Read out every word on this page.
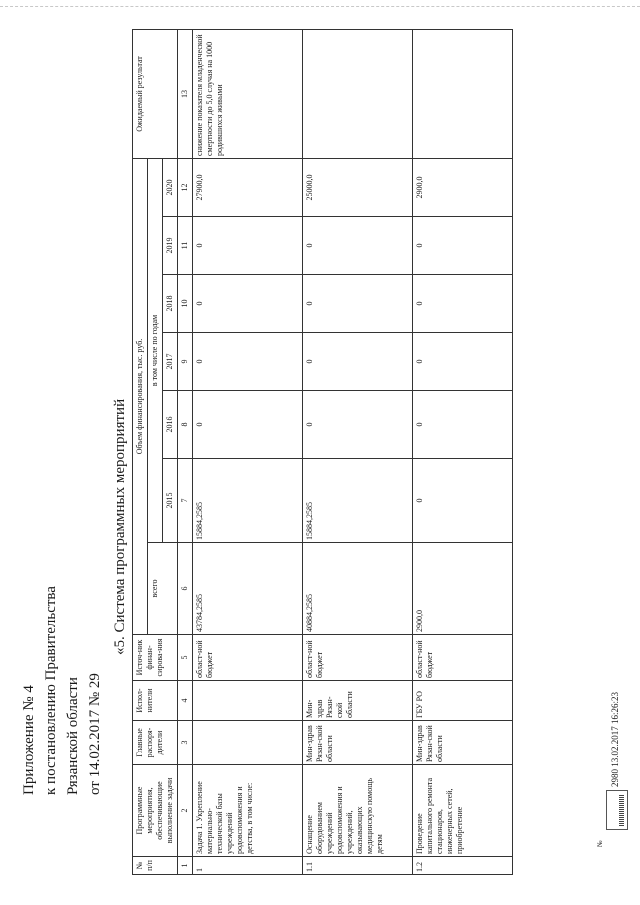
Приложение № 4 к постановлению Правительства Рязанской области от 14.02.2017 № 29
«5. Система программных мероприятий
№ п/п	Программные мероприятия, обеспечивающие выполнение задачи	Главные распоря-дители	Испол-нители	Источ-ник финан-сирова-ния	Объем финансирования, тыс. руб.							Ожидаемый результат
					всего	в том числе по годам						
						2015	2016	2017	2018	2019	2020	
1	2	3	4	5	6	7	8	9	10	11	12	13
1	Задача 1. Укрепление материально-технической базы учреждений родовспоможения и детства, в том числе:			област-ной бюджет	43784,2585	15884,2585	0	0	0	0	27900,0	снижение показателя младенческой смертности до 5,0 случая на 1000 родившихся живыми
1.1	Оснащение оборудованием учреждений родовспоможения и учреждений, оказывающих медицинскую помощь детям	Мин-здрав Рязан-ской области	Мин-здрав Рязан-ской области	област-ной бюджет	40884,2585	15884,2585	0	0	0	0	25000,0	
1.2	Проведение капитального ремонта стационаров, инженерных сетей, приобретение	Мин-здрав Рязан-ской области	ГБУ РО	област-ной бюджет	2900,0	0	0	0	0	0	2900,0	
№
2980 13.02.2017 16:26:23
